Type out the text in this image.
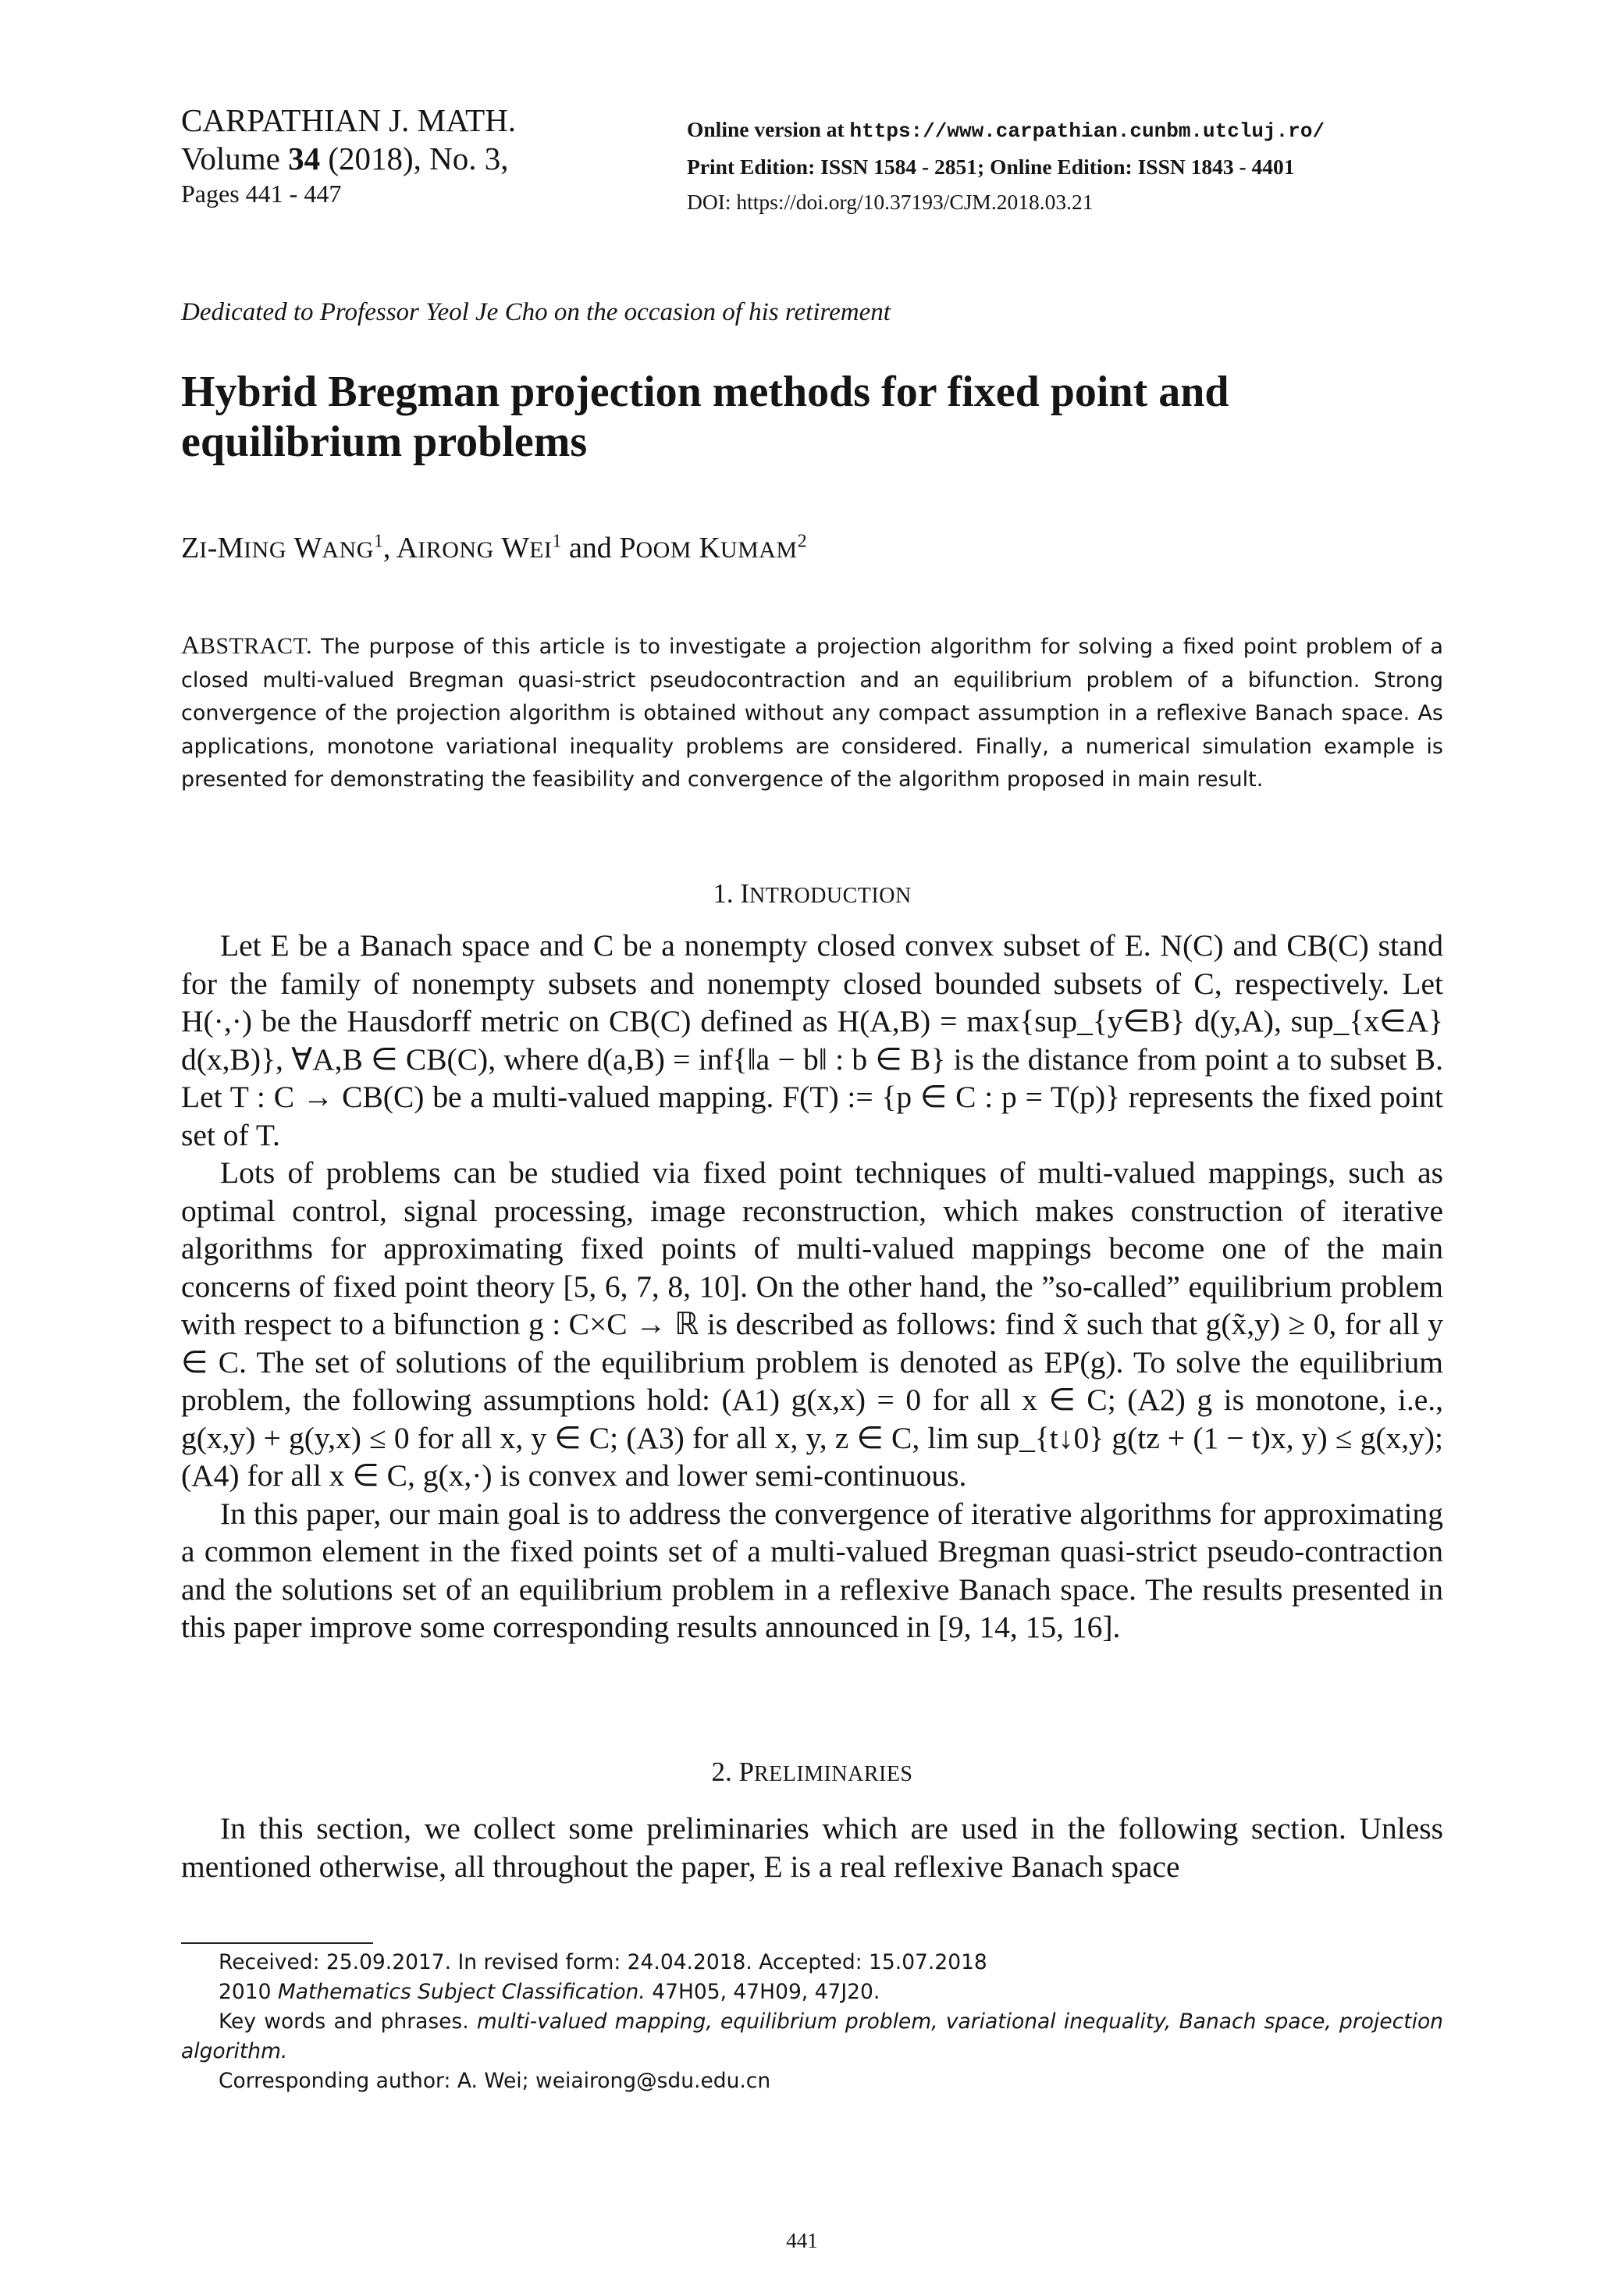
CARPATHIAN J. MATH.
Volume 34 (2018), No. 3,
Pages 441 - 447
Online version at https://www.carpathian.cunbm.utcluj.ro/
Print Edition: ISSN 1584 - 2851; Online Edition: ISSN 1843 - 4401
DOI: https://doi.org/10.37193/CJM.2018.03.21
Dedicated to Professor Yeol Je Cho on the occasion of his retirement
Hybrid Bregman projection methods for fixed point and
equilibrium problems
ZI-MING WANG$^1$, AIRONG WEI$^1$ and POOM KUMAM$^2$
ABSTRACT. The purpose of this article is to investigate a projection algorithm for solving a fixed point problem of a closed multi-valued Bregman quasi-strict pseudocontraction and an equilibrium problem of a bifunction. Strong convergence of the projection algorithm is obtained without any compact assumption in a reflexive Banach space. As applications, monotone variational inequality problems are considered. Finally, a numerical simulation example is presented for demonstrating the feasibility and convergence of the algorithm proposed in main result.
1. INTRODUCTION

Let E be a Banach space and C be a nonempty closed convex subset of E. N(C) and CB(C) stand for the family of nonempty subsets and nonempty closed bounded subsets of C, respectively. Let H(·,·) be the Hausdorff metric on CB(C) defined as H(A,B) = max{sup_{y∈B} d(y,A), sup_{x∈A} d(x,B)}, ∀A,B ∈ CB(C), where d(a,B) = inf{‖a − b‖ : b ∈ B} is the distance from point a to subset B. Let T : C → CB(C) be a multi-valued mapping. F(T) := {p ∈ C : p = T(p)} represents the fixed point set of T.

Lots of problems can be studied via fixed point techniques of multi-valued mappings, such as optimal control, signal processing, image reconstruction, which makes construction of iterative algorithms for approximating fixed points of multi-valued mappings become one of the main concerns of fixed point theory [5, 6, 7, 8, 10]. On the other hand, the ”so-called” equilibrium problem with respect to a bifunction g : C×C → ℝ is described as follows: find x̃ such that g(x̃,y) ≥ 0, for all y ∈ C. The set of solutions of the equilibrium problem is denoted as EP(g). To solve the equilibrium problem, the following assumptions hold: (A1) g(x,x) = 0 for all x ∈ C; (A2) g is monotone, i.e., g(x,y) + g(y,x) ≤ 0 for all x, y ∈ C; (A3) for all x, y, z ∈ C, lim sup_{t↓0} g(tz + (1 − t)x, y) ≤ g(x,y); (A4) for all x ∈ C, g(x,·) is convex and lower semi-continuous.

In this paper, our main goal is to address the convergence of iterative algorithms for approximating a common element in the fixed points set of a multi-valued Bregman quasi-strict pseudo-contraction and the solutions set of an equilibrium problem in a reflexive Banach space. The results presented in this paper improve some corresponding results announced in [9, 14, 15, 16].

2. PRELIMINARIES

In this section, we collect some preliminaries which are used in the following section. Unless mentioned otherwise, all throughout the paper, E is a real reflexive Banach space

Received: 25.09.2017. In revised form: 24.04.2018. Accepted: 15.07.2018
2010 Mathematics Subject Classification. 47H05, 47H09, 47J20.
Key words and phrases. multi-valued mapping, equilibrium problem, variational inequality, Banach space, projection algorithm.
Corresponding author: A. Wei; weiairong@sdu.edu.cn
441
